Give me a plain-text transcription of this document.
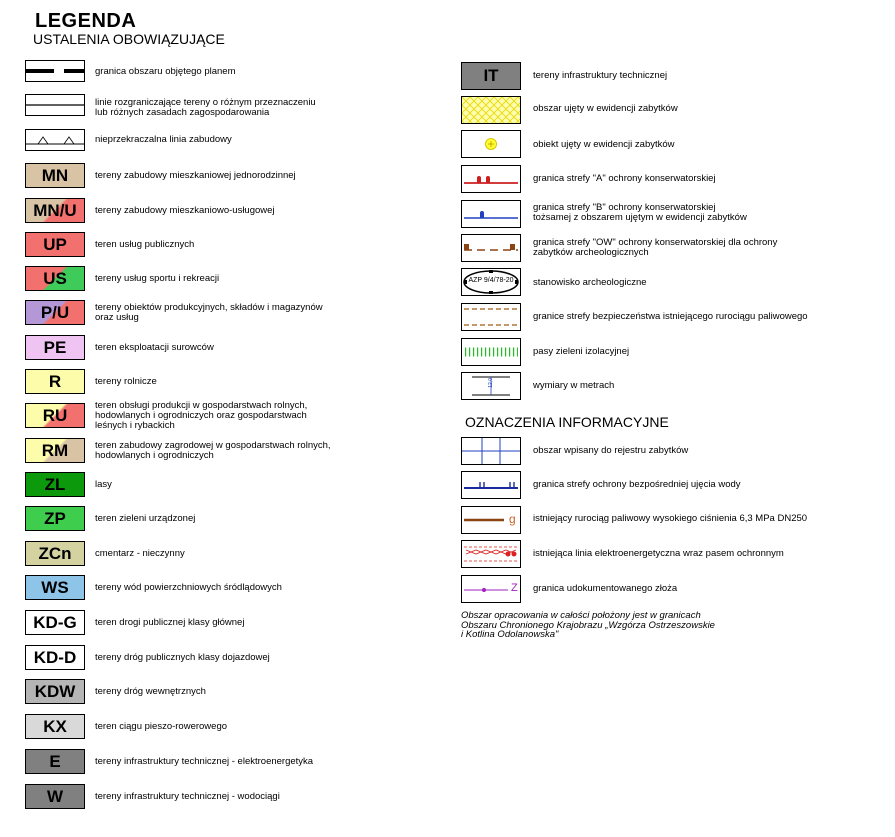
LEGENDA
USTALENIA OBOWIĄZUJĄCE
granica obszaru objętego planem
linie rozgraniczające tereny o różnym przeznaczeniu
lub różnych zasadach zagospodarowania
nieprzekraczalna linia zabudowy
MN	tereny zabudowy mieszkaniowej jednorodzinnej
MN/U tereny zabudowy mieszkaniowo-usługowej
UP	teren usług publicznych
US	tereny usług sportu i rekreacji
P/U	tereny obiektów produkcyjnych, składów i magazynów
oraz usług
PE	teren eksploatacji surowców
R	tereny rolnicze
RU	teren obsługi produkcji w gospodarstwach rolnych,
hodowlanych i ogrodniczych oraz gospodarstwach
leśnych i rybackich
RM	teren zabudowy zagrodowej w gospodarstwach rolnych,
hodowlanych i ogrodniczych
ZL	lasy
ZP	teren zieleni urządzonej
ZCn cmentarz - nieczynny
WS	tereny wód powierzchniowych śródlądowych
KD-G teren drogi publicznej klasy głównej
KD-D tereny dróg publicznych klasy dojazdowej
KDW tereny dróg wewnętrznych
KX	teren ciągu pieszo-rowerowego
E	tereny infrastruktury technicznej - elektroenergetyka
W	tereny infrastruktury technicznej - wodociągi
IT	tereny infrastruktury technicznej
obszar ujęty w ewidencji zabytków
obiekt ujęty w ewidencji zabytków
granica strefy "A" ochrony konserwatorskiej
granica strefy "B" ochrony konserwatorskiej
tożsamej z obszarem ujętym w ewidencji zabytków
granica strefy "OW" ochrony konserwatorskiej dla ochrony
zabytków archeologicznych
AZP 9/4/78-20	stanowisko archeologiczne
granice strefy bezpieczeństwa istniejącego rurociągu paliwowego
pasy zieleni izolacyjnej
12,0	wymiary w metrach
OZNACZENIA INFORMACYJNE
obszar wpisany do rejestru zabytków
granica strefy ochrony bezpośredniej ujęcia wody
g istniejący rurociąg paliwowy wysokiego ciśnienia 6,3 MPa DN250
istniejąca linia elektroenergetyczna wraz pasem ochronnym
Z granica udokumentowanego złoża
Obszar opracowania w całości położony jest w granicach
Obszaru Chronionego Krajobrazu „Wzgórza Ostrzeszowskie
i Kotlina Odolanowska"
